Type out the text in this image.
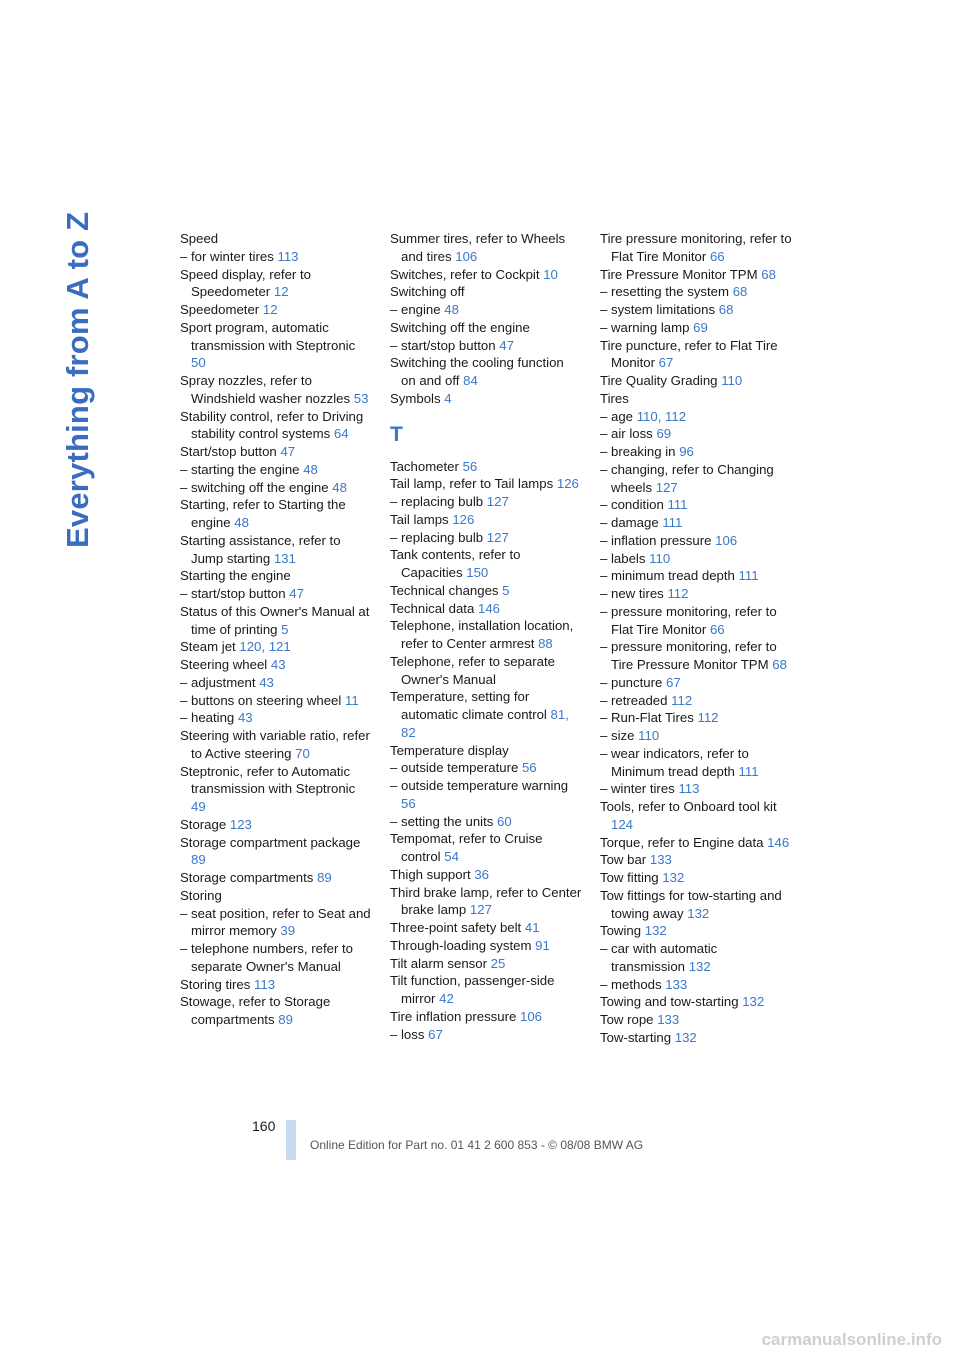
Everything from A to Z	Speed
– for winter tires 113
Speed display, refer to Speedometer 12
Speedometer 12
Sport program, automatic transmission with Steptronic 50
Spray nozzles, refer to Windshield washer nozzles 53
Stability control, refer to Driving stability control systems 64
Start/stop button 47
– starting the engine 48
– switching off the engine 48
Starting, refer to Starting the engine 48
Starting assistance, refer to Jump starting 131
Starting the engine
– start/stop button 47
Status of this Owner's Manual at time of printing 5
Steam jet 120, 121
Steering wheel 43
– adjustment 43
– buttons on steering wheel 11
– heating 43
Steering with variable ratio, refer to Active steering 70
Steptronic, refer to Automatic transmission with Steptronic 49
Storage 123
Storage compartment package 89
Storage compartments 89
Storing
– seat position, refer to Seat and mirror memory 39
– telephone numbers, refer to separate Owner's Manual
Storing tires 113
Stowage, refer to Storage compartments 89
Summer tires, refer to Wheels and tires 106
Switches, refer to Cockpit 10
Switching off
– engine 48
Switching off the engine
– start/stop button 47
Switching the cooling function on and off 84
Symbols 4
T
Tachometer 56
Tail lamp, refer to Tail lamps 126
– replacing bulb 127
Tail lamps 126
– replacing bulb 127
Tank contents, refer to Capacities 150
Technical changes 5
Technical data 146
Telephone, installation location, refer to Center armrest 88
Telephone, refer to separate Owner's Manual
Temperature, setting for automatic climate control 81, 82
Temperature display
– outside temperature 56
– outside temperature warning 56
– setting the units 60
Tempomat, refer to Cruise control 54
Thigh support 36
Third brake lamp, refer to Center brake lamp 127
Three-point safety belt 41
Through-loading system 91
Tilt alarm sensor 25
Tilt function, passenger-side mirror 42
Tire inflation pressure 106
– loss 67
Tire pressure monitoring, refer to Flat Tire Monitor 66
Tire Pressure Monitor TPM 68
– resetting the system 68
– system limitations 68
– warning lamp 69
Tire puncture, refer to Flat Tire Monitor 67
Tire Quality Grading 110
Tires
– age 110, 112
– air loss 69
– breaking in 96
– changing, refer to Changing wheels 127
– condition 111
– damage 111
– inflation pressure 106
– labels 110
– minimum tread depth 111
– new tires 112
– pressure monitoring, refer to Flat Tire Monitor 66
– pressure monitoring, refer to Tire Pressure Monitor TPM 68
– puncture 67
– retreaded 112
– Run-Flat Tires 112
– size 110
– wear indicators, refer to Minimum tread depth 111
– winter tires 113
Tools, refer to Onboard tool kit 124
Torque, refer to Engine data 146
Tow bar 133
Tow fitting 132
Tow fittings for tow-starting and towing away 132
Towing 132
– car with automatic transmission 132
– methods 133
Towing and tow-starting 132
Tow rope 133
Tow-starting 132
160
Online Edition for Part no. 01 41 2 600 853 - © 08/08 BMW AG
carmanualsonline.info
